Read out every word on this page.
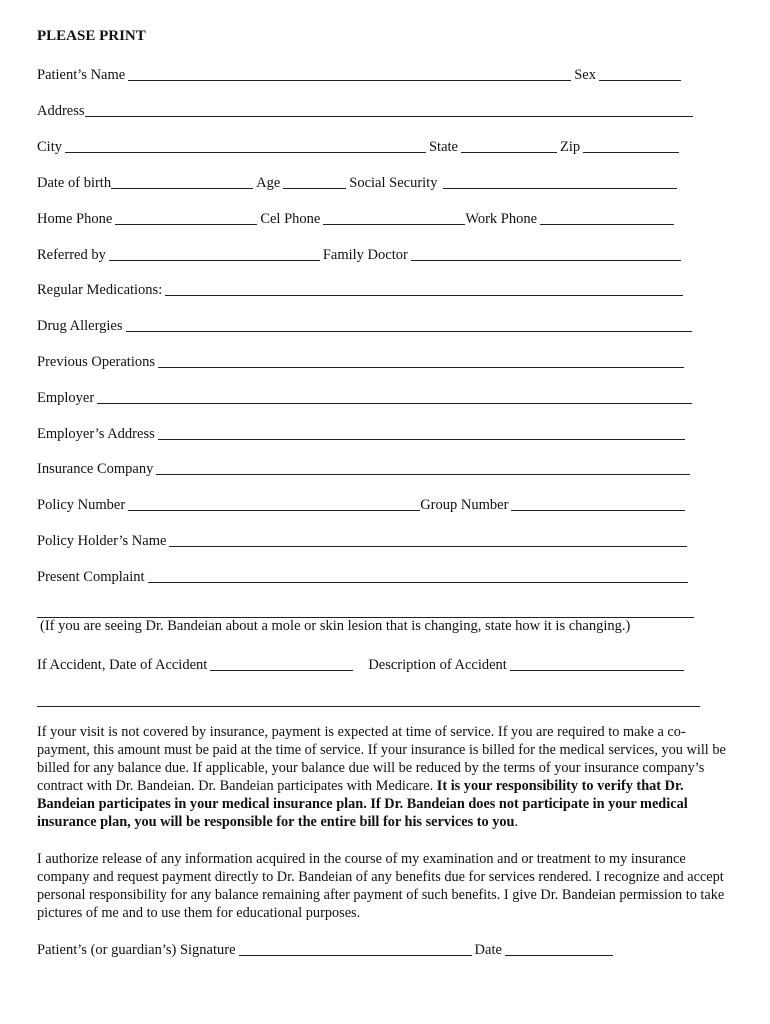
PLEASE PRINT
Patient’s Name	Sex
Address
City	State	Zip
Date of birth	Age	Social Security
Home Phone	Cel Phone	Work Phone
Referred by	Family Doctor
Regular Medications:
Drug Allergies
Previous Operations
Employer
Employer’s Address
Insurance Company
Policy Number	Group Number
Policy Holder’s Name
Present Complaint
(If you are seeing Dr. Bandeian about a mole or skin lesion that is changing, state how it is changing.)
If Accident, Date of Accident	Description of Accident
If your visit is not covered by insurance, payment is expected at time of service. If you are required to make a co-payment, this amount must be paid at the time of service. If your insurance is billed for the medical services, you will be billed for any balance due. If applicable, your balance due will be reduced by the terms of your insurance company’s contract with Dr. Bandeian. Dr. Bandeian participates with Medicare. It is your responsibility to verify that Dr. Bandeian participates in your medical insurance plan. If Dr. Bandeian does not participate in your medical insurance plan, you will be responsible for the entire bill for his services to you.
I authorize release of any information acquired in the course of my examination and or treatment to my insurance company and request payment directly to Dr. Bandeian of any benefits due for services rendered. I recognize and accept personal responsibility for any balance remaining after payment of such benefits. I give Dr. Bandeian permission to take pictures of me and to use them for educational purposes.
Patient’s (or guardian’s) Signature	Date
